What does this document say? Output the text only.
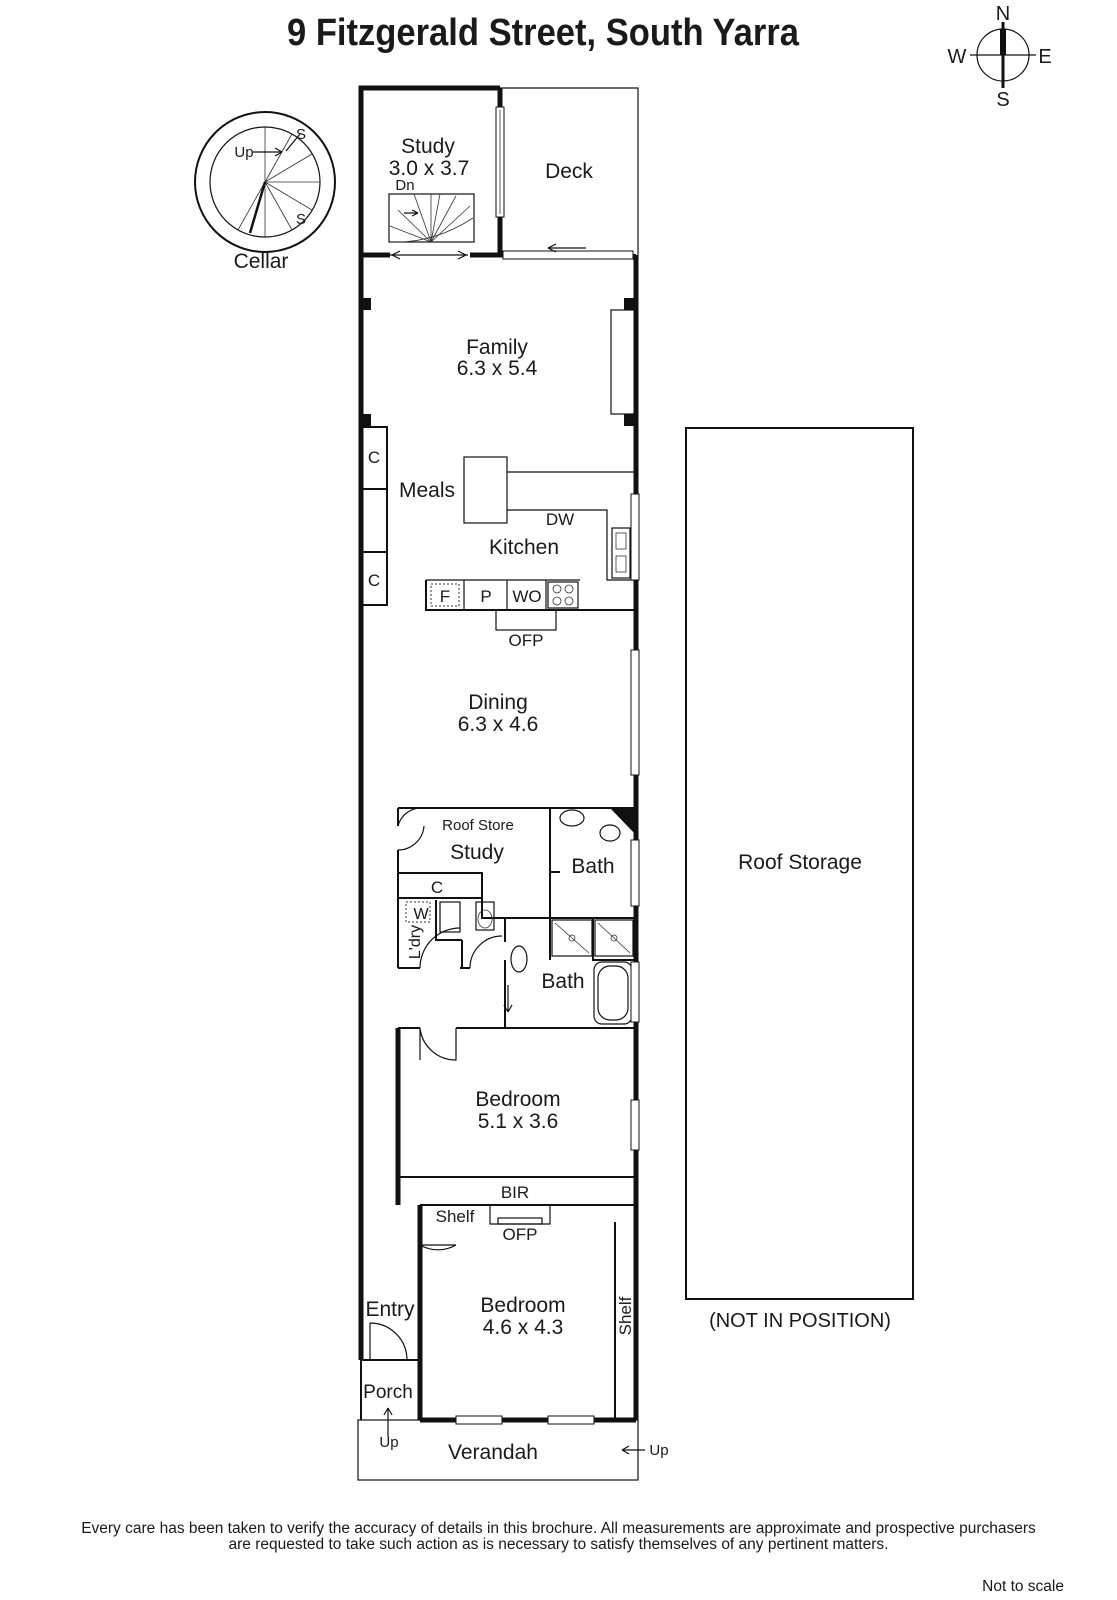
9 Fitzgerald Street, South Yarra	N
E
S
W
Up
S
S
Cellar
C
C
F P WO
DW
OFP
BIR
Shelf
OFP
Shelf
Study
3.0 x 3.7
Dn
Deck
Family
6.3 x 5.4
Meals
Kitchen
Dining
6.3 x 4.6
Roof Store
Study
Bath
C
W
L'dry
Bath
Bedroom
5.1 x 3.6
Bedroom
4.6 x 4.3
Entry
Porch
Up Verandah	Up
Roof Storage
(NOT IN POSITION)
Every care has been taken to verify the accuracy of details in this brochure. All measurements are approximate and prospective purchasers
are requested to take such action as is necessary to satisfy themselves of any pertinent matters.
Not to scale
